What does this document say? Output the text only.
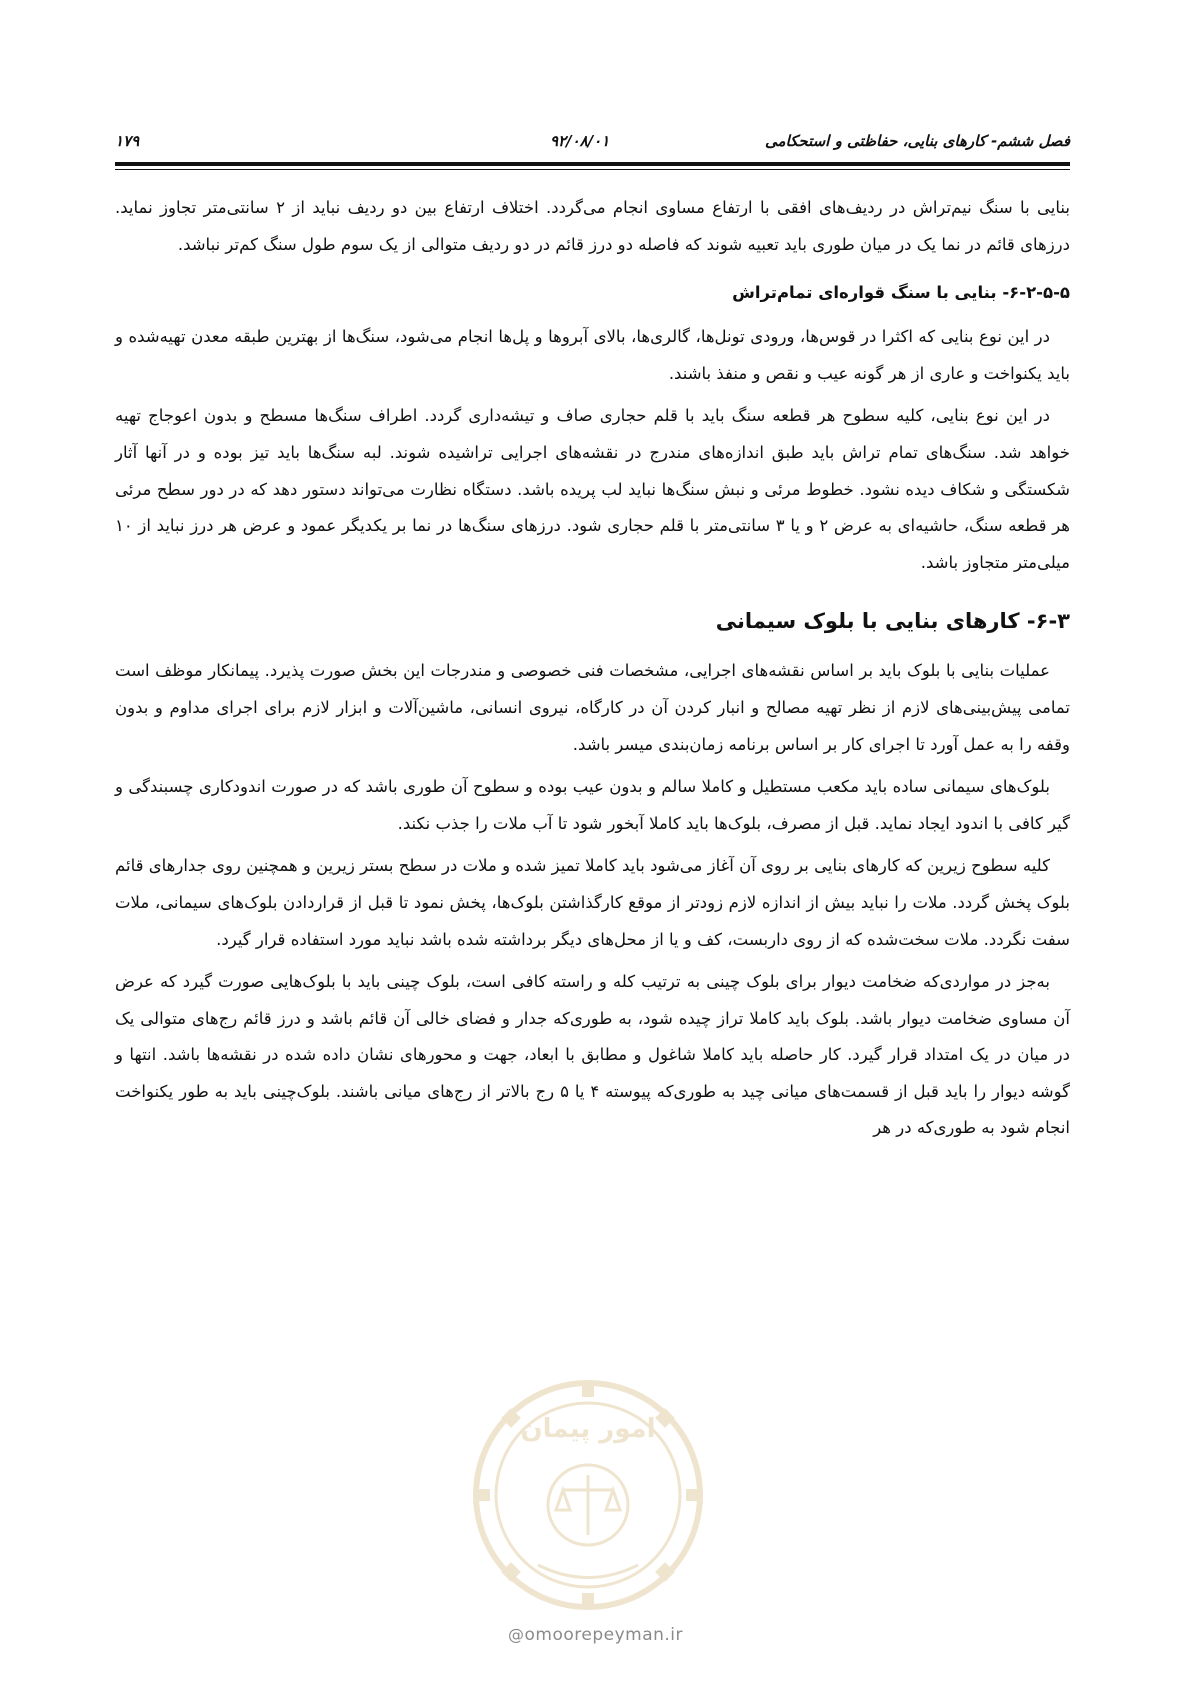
فصل ششم- کارهای بنایی، حفاظتی و استحکامی
۹۲/۰۸/۰۱
۱۷۹

بنایی با سنگ نیم‌تراش در ردیف‌های افقی با ارتفاع مساوی انجام می‌گردد. اختلاف ارتفاع بین دو ردیف نباید از ۲ سانتی‌متر تجاوز نماید. درزهای قائم در نما یک در میان طوری باید تعبیه شوند که فاصله دو درز قائم در دو ردیف متوالی از یک سوم طول سنگ کم‌تر نباشد.

۶-۲-۵-۵- بنایی با سنگ قواره‌ای تمام‌تراش

در این نوع بنایی که اکثرا در قوس‌ها، ورودی تونل‌ها، گالری‌ها، بالای آبروها و پل‌ها انجام می‌شود، سنگ‌ها از بهترین طبقه معدن تهیه‌شده و باید یکنواخت و عاری از هر گونه عیب و نقص و منفذ باشند.

در این نوع بنایی، کلیه سطوح هر قطعه سنگ باید با قلم حجاری صاف و تیشه‌داری گردد. اطراف سنگ‌ها مسطح و بدون اعوجاج تهیه خواهد شد. سنگ‌های تمام تراش باید طبق اندازه‌های مندرج در نقشه‌های اجرایی تراشیده شوند. لبه سنگ‌ها باید تیز بوده و در آنها آثار شکستگی و شکاف دیده نشود. خطوط مرئی و نبش سنگ‌ها نباید لب پریده باشد. دستگاه نظارت می‌تواند دستور دهد که در دور سطح مرئی هر قطعه سنگ، حاشیه‌ای به عرض ۲ و یا ۳ سانتی‌متر با قلم حجاری شود. درزهای سنگ‌ها در نما بر یکدیگر عمود و عرض هر درز نباید از ۱۰ میلی‌متر متجاوز باشد.

۶-۳- کارهای بنایی با بلوک سیمانی

عملیات بنایی با بلوک باید بر اساس نقشه‌های اجرایی، مشخصات فنی خصوصی و مندرجات این بخش صورت پذیرد. پیمانکار موظف است تمامی پیش‌بینی‌های لازم از نظر تهیه مصالح و انبار کردن آن در کارگاه، نیروی انسانی، ماشین‌آلات و ابزار لازم برای اجرای مداوم و بدون وقفه را به عمل آورد تا اجرای کار بر اساس برنامه زمان‌بندی میسر باشد.

بلوک‌های سیمانی ساده باید مکعب مستطیل و کاملا سالم و بدون عیب بوده و سطوح آن طوری باشد که در صورت اندودکاری چسبندگی و گیر کافی با اندود ایجاد نماید. قبل از مصرف، بلوک‌ها باید کاملا آبخور شود تا آب ملات را جذب نکند.

کلیه سطوح زیرین که کارهای بنایی بر روی آن آغاز می‌شود باید کاملا تمیز شده و ملات در سطح بستر زیرین و همچنین روی جدارهای قائم بلوک پخش گردد. ملات را نباید بیش از اندازه لازم زودتر از موقع کارگذاشتن بلوک‌ها، پخش نمود تا قبل از قراردادن بلوک‌های سیمانی، ملات سفت نگردد. ملات سخت‌شده که از روی داربست، کف و یا از محل‌های دیگر برداشته شده باشد نباید مورد استفاده قرار گیرد.

به‌جز در مواردی‌که ضخامت دیوار برای بلوک چینی به ترتیب کله و راسته کافی است، بلوک چینی باید با بلوک‌هایی صورت گیرد که عرض آن مساوی ضخامت دیوار باشد. بلوک باید کاملا تراز چیده شود، به طوری‌که جدار و فضای خالی آن قائم باشد و درز قائم رج‌های متوالی یک در میان در یک امتداد قرار گیرد. کار حاصله باید کاملا شاغول و مطابق با ابعاد، جهت و محورهای نشان داده شده در نقشه‌ها باشد. انتها و گوشه دیوار را باید قبل از قسمت‌های میانی چید به طوری‌که پیوسته ۴ یا ۵ رج بالاتر از رج‌های میانی باشند. بلوک‌چینی باید به طور یکنواخت انجام شود به طوری‌که در هر

امور پیمان
@omoorepeyman.ir
